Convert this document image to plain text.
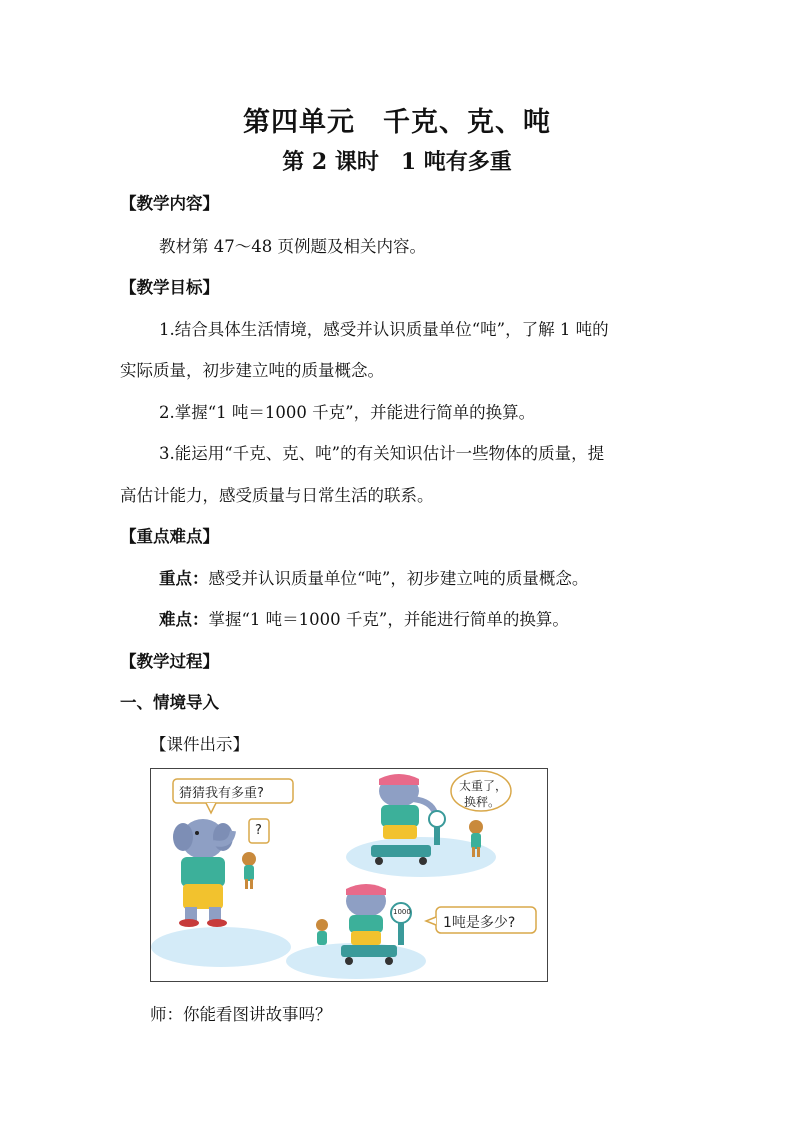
第四单元　千克、克、吨
第 2 课时　1 吨有多重
【教学内容】
教材第 47～48 页例题及相关内容。
【教学目标】
1.结合具体生活情境，感受并认识质量单位“吨”，了解 1 吨的
实际质量，初步建立吨的质量概念。
2.掌握“1 吨＝1000 千克”，并能进行简单的换算。
3.能运用“千克、克、吨”的有关知识估计一些物体的质量，提
高估计能力，感受质量与日常生活的联系。
【重点难点】
重点：感受并认识质量单位“吨”，初步建立吨的质量概念。
难点：掌握“1 吨＝1000 千克”，并能进行简单的换算。
【教学过程】
一、情境导入
【课件出示】
猜猜我有多重?
?
太重了，
换秤。
1000
1吨是多少?
师：你能看图讲故事吗？
